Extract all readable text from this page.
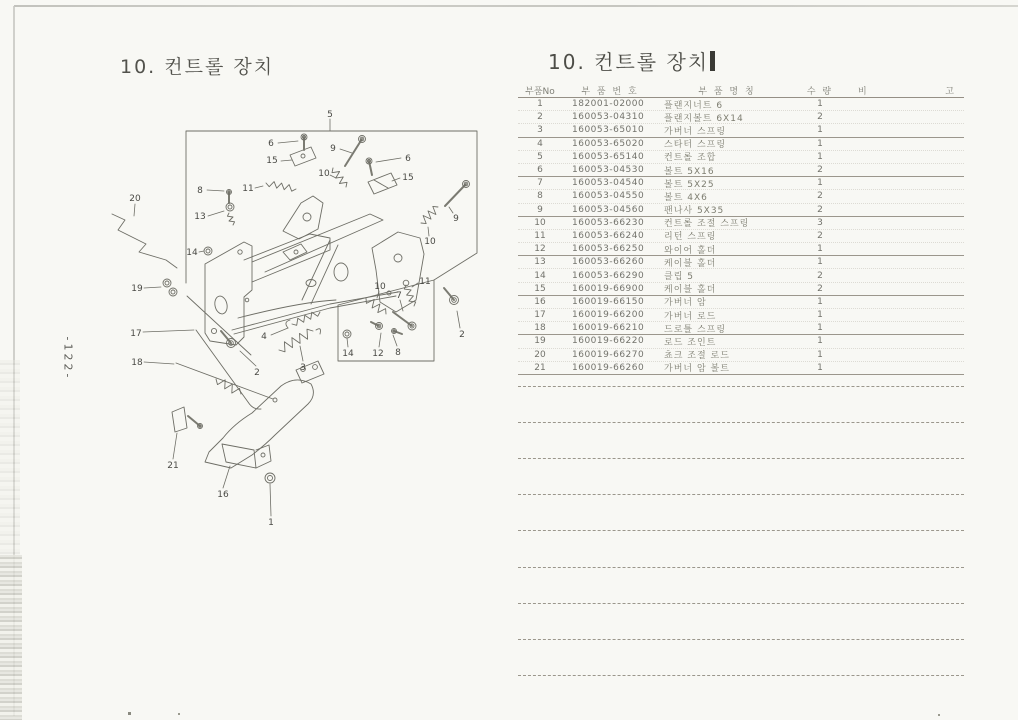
10. 컨트롤 장치	10. 컨트롤 장치
-122-
5
6	9
6
15
10	15
11
8
13
20
9
10
14
19
11
10
7
2
17	4
18
2	3
14 12 8
21
16
1
부품No	부 품 번 호	부 품 명 칭	수 량	비	고
1	182001-02000	플랜지너트 6	1
2	160053-04310	플랜지볼트 6X14	2
3	160053-65010	가버너 스프링	1
4	160053-65020	스타터 스프링	1
5	160053-65140	컨트롤 조합	1
6	160053-04530	볼트 5X16	2
7	160053-04540	볼트 5X25	1
8	160053-04550	볼트 4X6	2
9	160053-04560	팬나사 5X35	2
10	160053-66230	컨트롤 조절 스프링	3
11	160053-66240	리턴 스프링	2
12	160053-66250	와이어 홀더	1
13	160053-66260	케이블 홀더	1
14	160053-66290	클립 5	2
15	160019-66900	케이블 홀더	2
16	160019-66150	가버너 암	1
17	160019-66200	가버너 로드	1
18	160019-66210	드로틀 스프링	1
19	160019-66220	로드 조인트	1
20	160019-66270	쵸크 조절 로드	1
21	160019-66260	가버너 암 볼트	1
